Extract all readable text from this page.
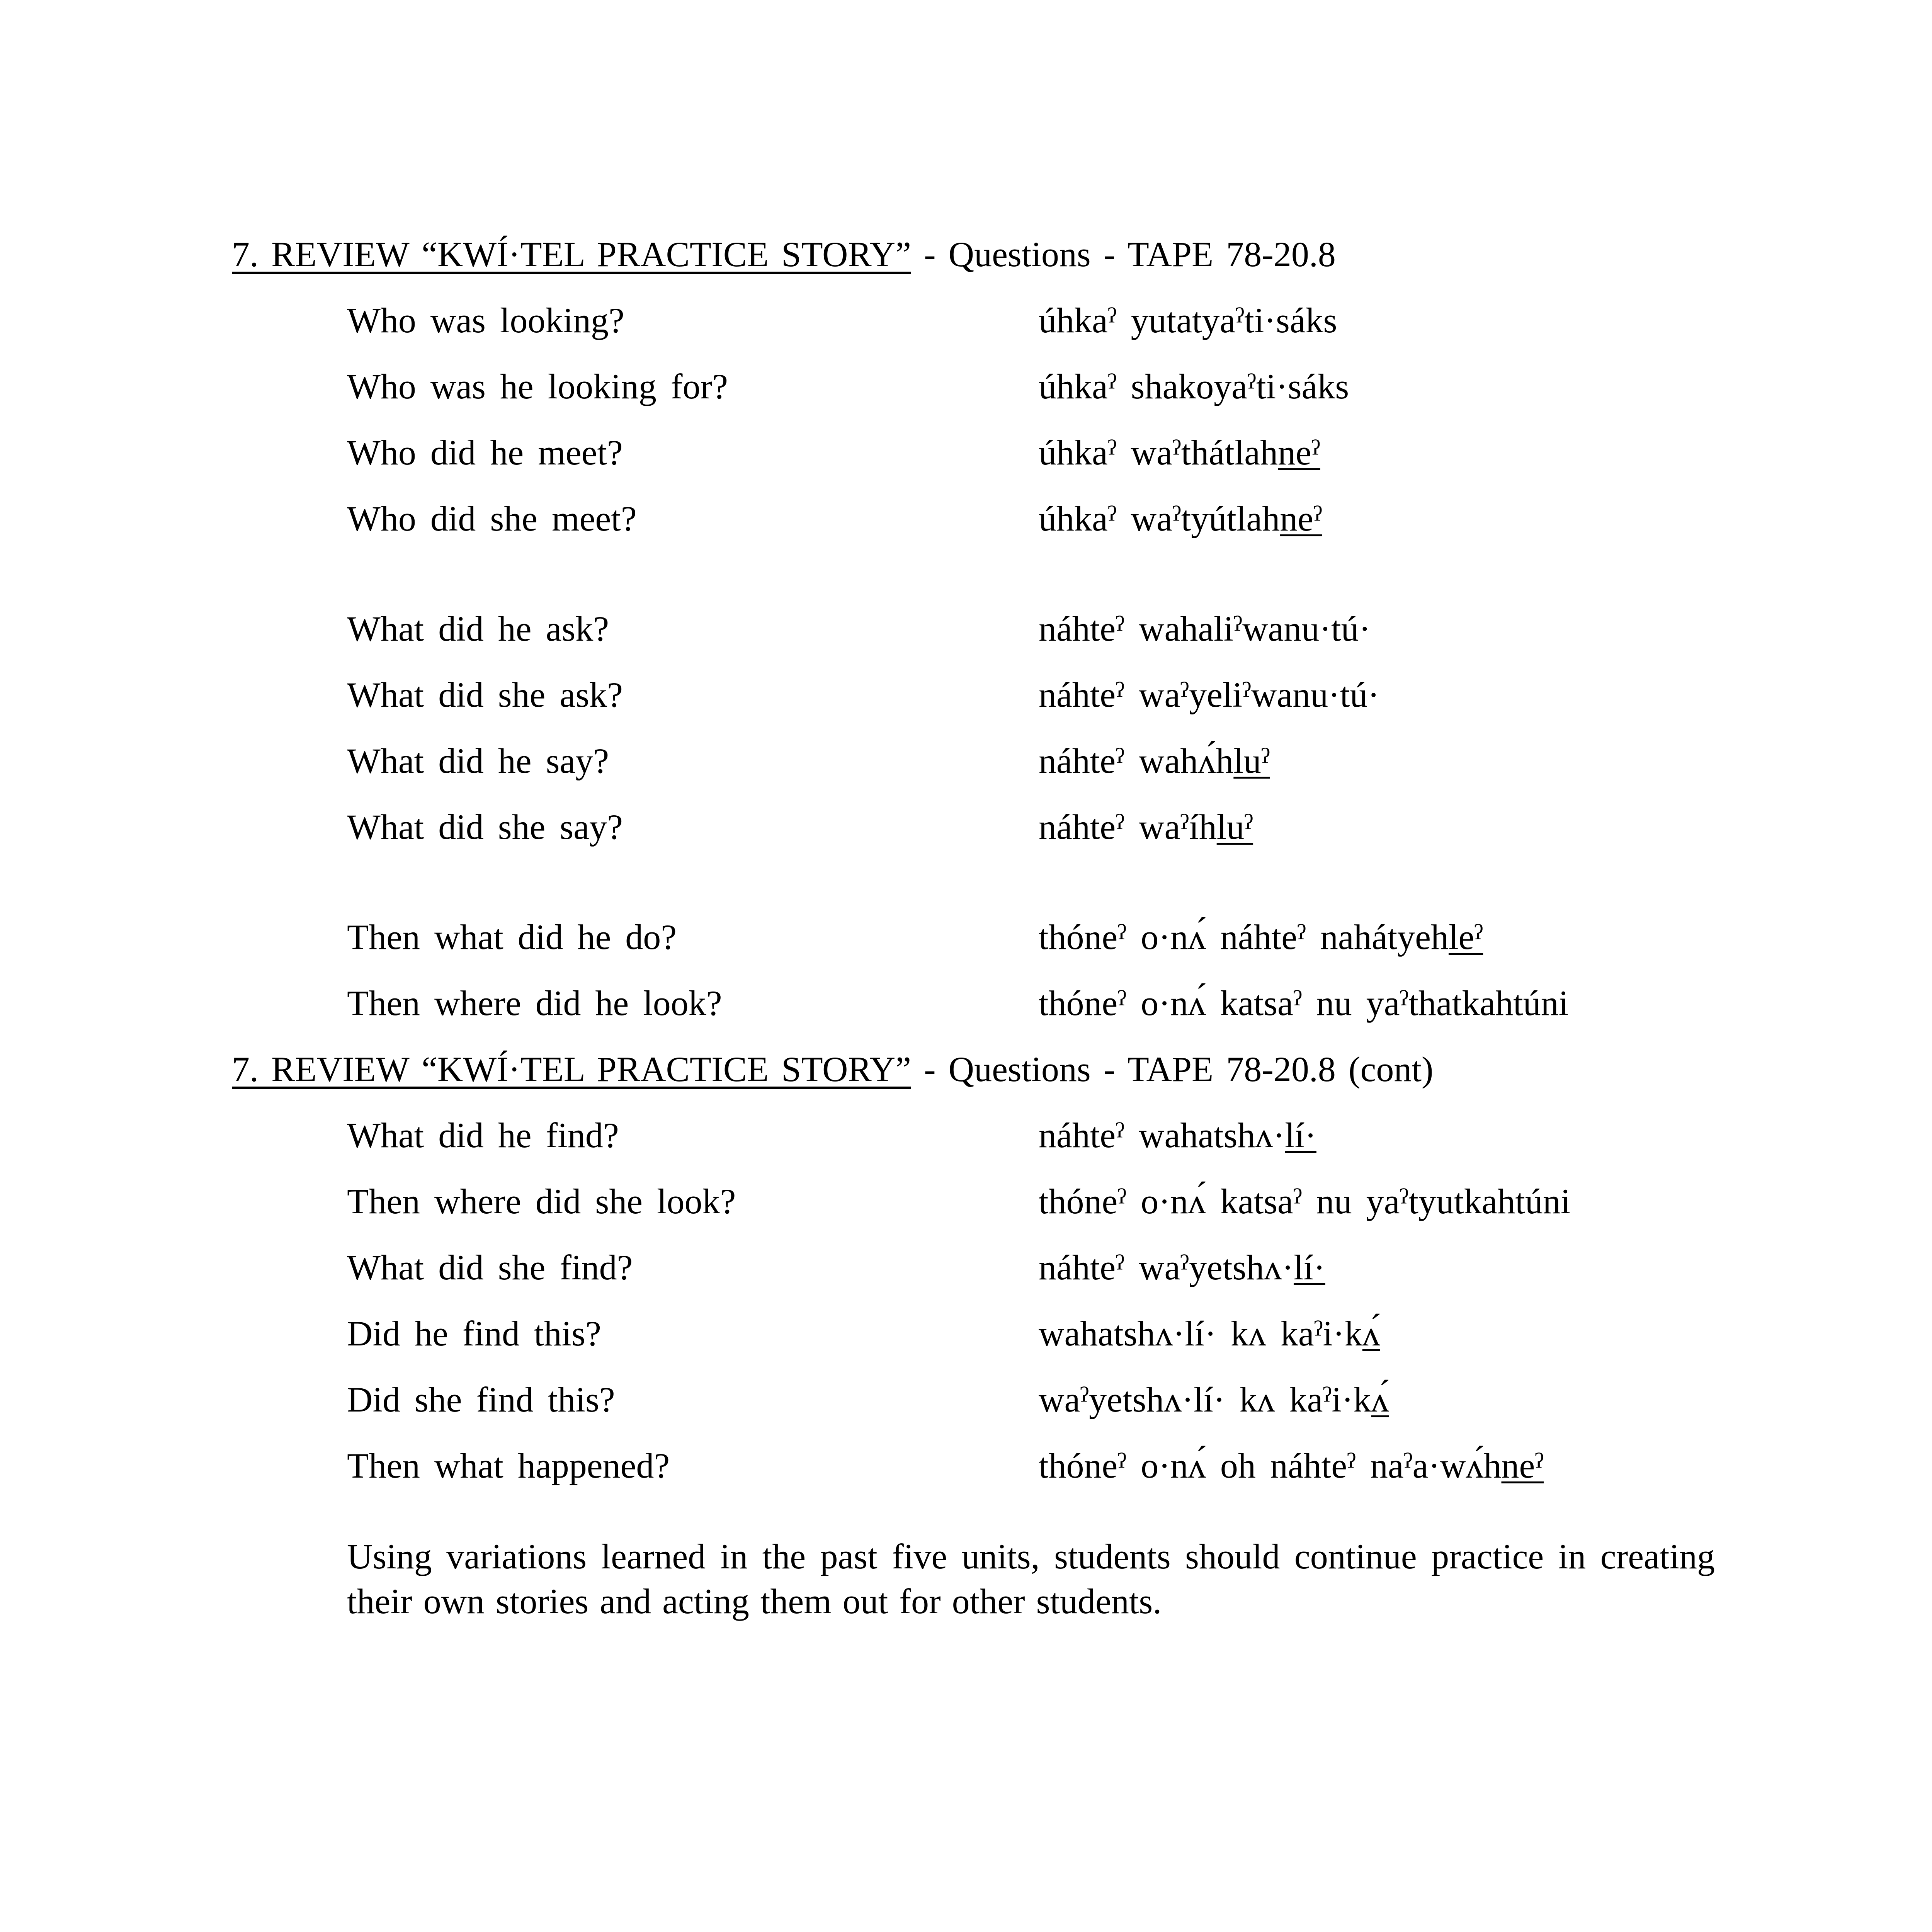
7. REVIEW “KWÍ·TEL PRACTICE STORY” - Questions - TAPE 78-20.8
Who was looking?	úhkaˀ yutatyaˀti·sáks
Who was he looking for?	úhkaˀ shakoyaˀti·sáks
Who did he meet?	úhkaˀ waˀthátlahneˀ
Who did she meet?	úhkaˀ waˀtyútlahneˀ
What did he ask?	náhteˀ wahaliˀwanu·tú·
What did she ask?	náhteˀ waˀyeliˀwanu·tú·
What did he say?	náhteˀ wahʌ́hluˀ
What did she say?	náhteˀ waˀíhluˀ
Then what did he do?	thóneˀ o·nʌ́ náhteˀ nahátyehleˀ
Then where did he look?	thóneˀ o·nʌ́ katsaˀ nu yaˀthatkahtúni
7. REVIEW “KWÍ·TEL PRACTICE STORY” - Questions - TAPE 78-20.8 (cont)
What did he find?	náhteˀ wahatshʌ·lí·
Then where did she look?	thóneˀ o·nʌ́ katsaˀ nu yaˀtyutkahtúni
What did she find?	náhteˀ waˀyetshʌ·lí·
Did he find this?	wahatshʌ·lí· kʌ kaˀi·kʌ́
Did she find this?	waˀyetshʌ·lí· kʌ kaˀi·kʌ́
Then what happened?	thóneˀ o·nʌ́ oh náhteˀ naˀa·wʌ́hneˀ
Using variations learned in the past five units, students should continue practice in creating their own stories and acting them out for other students.
